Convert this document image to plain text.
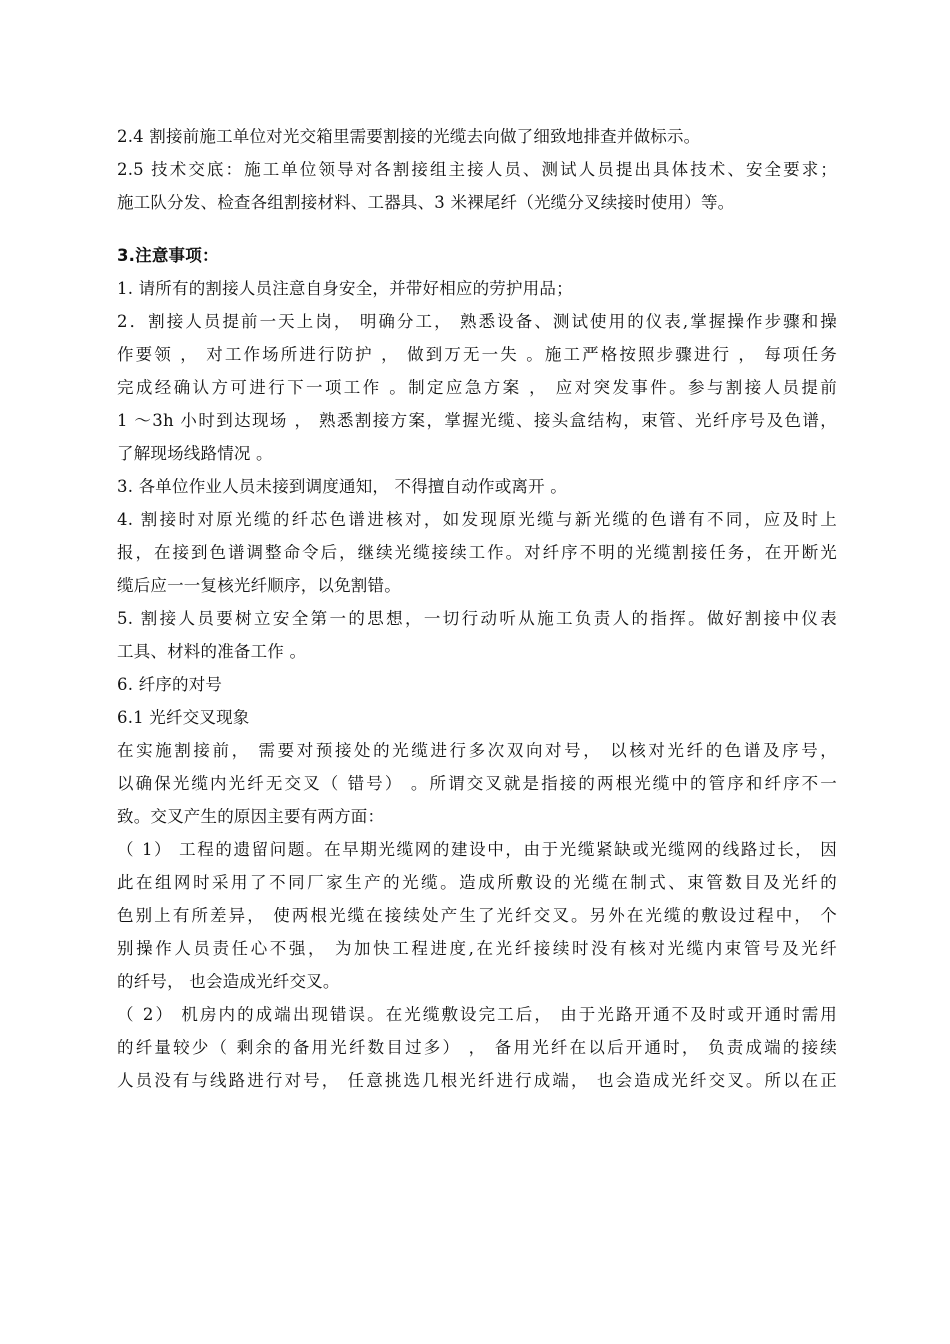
2.4 割接前施工单位对光交箱里需要割接的光缆去向做了细致地排查并做标示。
2.5 技术交底：施工单位领导对各割接组主接人员、测试人员提出具体技术、安全要求；
施工队分发、检查各组割接材料、工器具、3 米裸尾纤（光缆分叉续接时使用）等。
3.注意事项：
1. 请所有的割接人员注意自身安全，并带好相应的劳护用品；
2．割接人员提前一天上岗， 明确分工， 熟悉设备、测试使用的仪表,掌握操作步骤和操
作要领 ， 对工作场所进行防护 ， 做到万无一失 。施工严格按照步骤进行 ， 每项任务
完成经确认方可进行下一项工作 。制定应急方案 ， 应对突发事件。参与割接人员提前
1 ～3h 小时到达现场 ， 熟悉割接方案，掌握光缆、接头盒结构，束管、光纤序号及色谱，
了解现场线路情况 。
3. 各单位作业人员未接到调度通知， 不得擅自动作或离开 。
4. 割接时对原光缆的纤芯色谱进核对，如发现原光缆与新光缆的色谱有不同，应及时上
报，在接到色谱调整命令后，继续光缆接续工作。对纤序不明的光缆割接任务，在开断光
缆后应一一复核光纤顺序，以免割错。
5. 割接人员要树立安全第一的思想，一切行动听从施工负责人的指挥。做好割接中仪表
工具、材料的准备工作 。
6. 纤序的对号
6.1 光纤交叉现象
在实施割接前， 需要对预接处的光缆进行多次双向对号， 以核对光纤的色谱及序号，
以确保光缆内光纤无交叉（ 错号） 。所谓交叉就是指接的两根光缆中的管序和纤序不一
致。交叉产生的原因主要有两方面：
（ 1） 工程的遗留问题。在早期光缆网的建设中，由于光缆紧缺或光缆网的线路过长， 因
此在组网时采用了不同厂家生产的光缆。造成所敷设的光缆在制式、束管数目及光纤的
色别上有所差异， 使两根光缆在接续处产生了光纤交叉。另外在光缆的敷设过程中， 个
别操作人员责任心不强， 为加快工程进度,在光纤接续时没有核对光缆内束管号及光纤
的纤号， 也会造成光纤交叉。
（ 2） 机房内的成端出现错误。在光缆敷设完工后， 由于光路开通不及时或开通时需用
的纤量较少（ 剩余的备用光纤数目过多） ， 备用光纤在以后开通时， 负责成端的接续
人员没有与线路进行对号， 任意挑选几根光纤进行成端， 也会造成光纤交叉。所以在正
